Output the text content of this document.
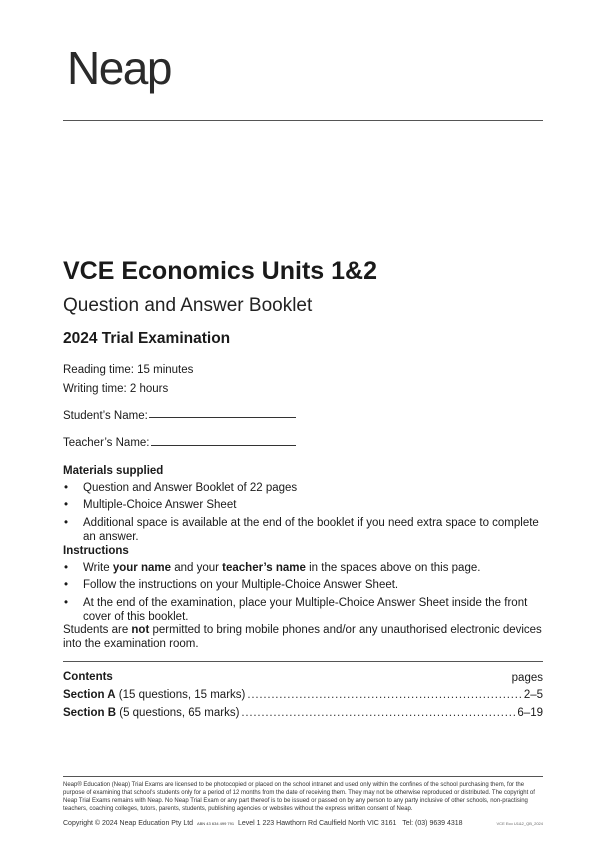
Neap
VCE Economics Units 1&2
Question and Answer Booklet
2024 Trial Examination
Reading time: 15 minutes
Writing time: 2 hours
Student’s Name:
Teacher’s Name:
Materials supplied
• Question and Answer Booklet of 22 pages
• Multiple-Choice Answer Sheet
• Additional space is available at the end of the booklet if you need extra space to complete an answer.
Instructions
• Write your name and your teacher’s name in the spaces above on this page.
• Follow the instructions on your Multiple-Choice Answer Sheet.
• At the end of the examination, place your Multiple-Choice Answer Sheet inside the front cover of this booklet.
Students are not permitted to bring mobile phones and/or any unauthorised electronic devices into the examination room.
Contents	pages
Section A (15 questions, 15 marks) . . .	2–5
Section B (5 questions, 65 marks) . . .	6–19
Neap® Education (Neap) Trial Exams are licensed to be photocopied or placed on the school intranet and used only within the confines of the school purchasing them, for the purpose of examining that school’s students only for a period of 12 months from the date of receiving them. They may not be otherwise reproduced or distributed. The copyright of Neap Trial Exams remains with Neap. No Neap Trial Exam or any part thereof is to be issued or passed on by any person to any party inclusive of other schools, non-practising teachers, coaching colleges, tutors, parents, students, publishing agencies or websites without the express written consent of Neap.
Copyright © 2024 Neap Education Pty Ltd ABN 43 634 499 791 Level 1 223 Hawthorn Rd Caulfield North VIC 3161 Tel: (03) 9639 4318	VCE Eco U1&2_QB_2024
